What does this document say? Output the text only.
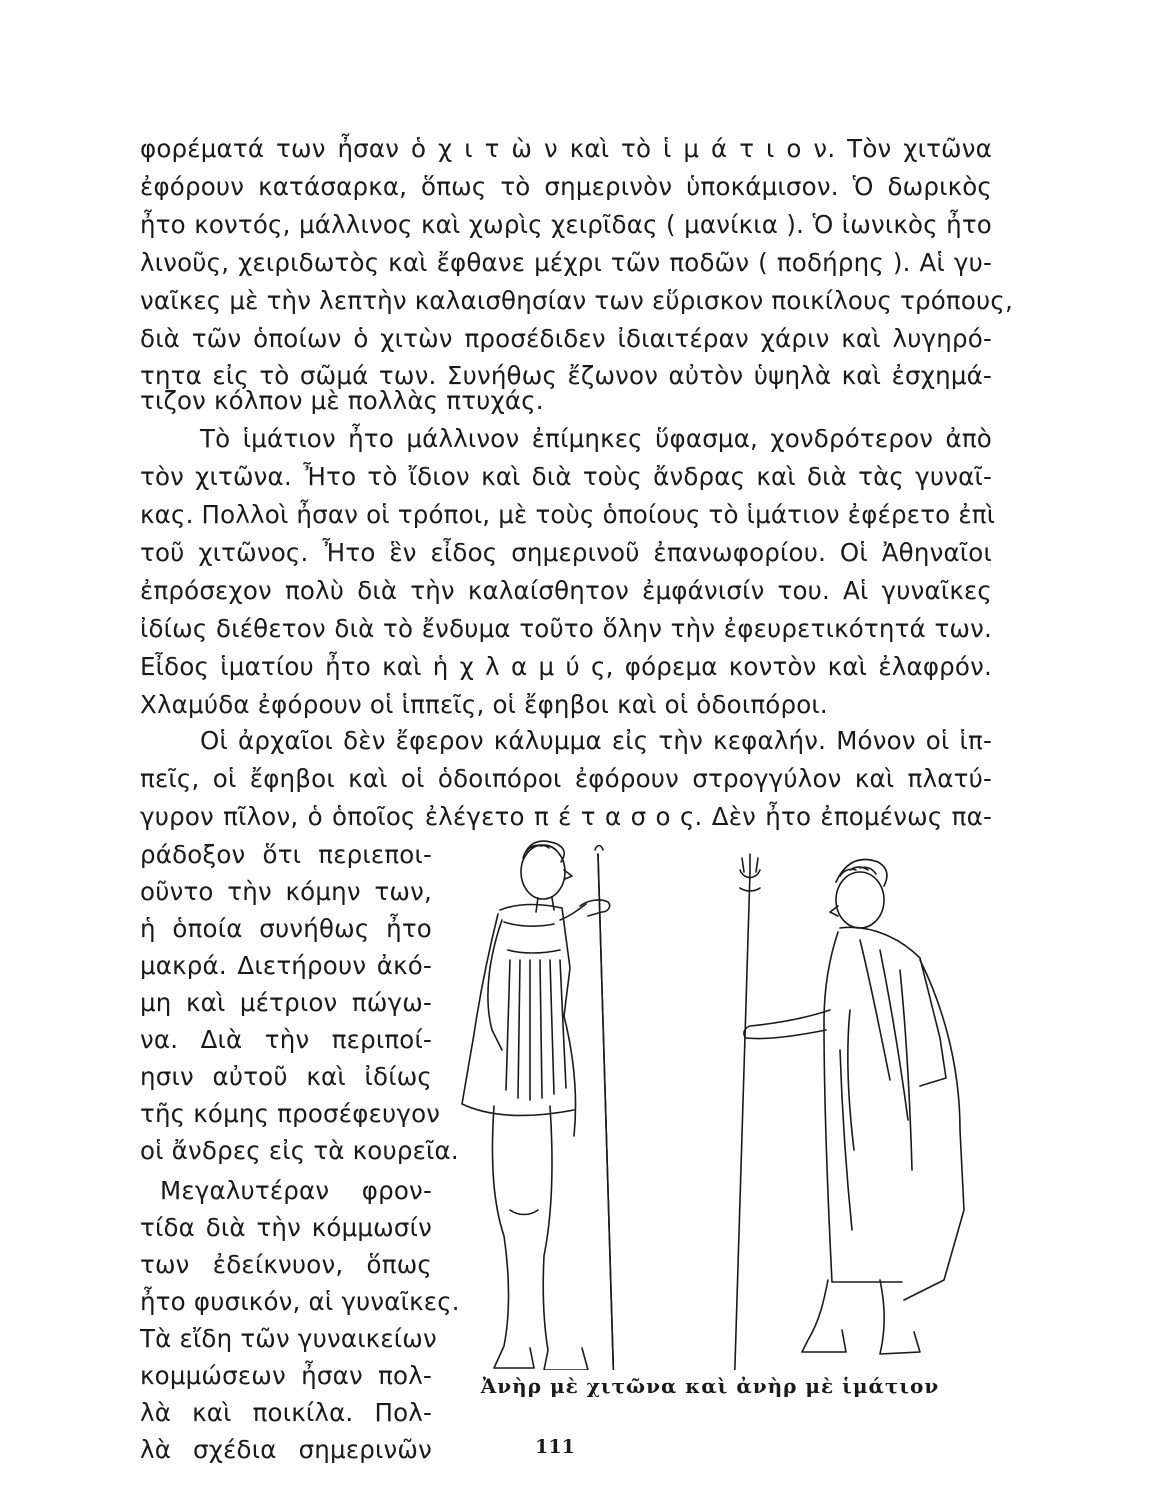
φορέματά των ἦσαν ὁ χ ι τ ὼ ν καὶ τὸ ἱ μ ά τ ι ο ν. Τὸν χιτῶνα
ἐφόρουν κατάσαρκα, ὅπως τὸ σημερινὸν ὑποκάμισον. Ὁ δωρικὸς
ἦτο κοντός, μάλλινος καὶ χωρὶς χειρῖδας ( μανίκια ). Ὁ ἰωνικὸς ἦτο
λινοῦς, χειριδωτὸς καὶ ἔφθανε μέχρι τῶν ποδῶν ( ποδήρης ). Αἱ γυ-
ναῖκες μὲ τὴν λεπτὴν καλαισθησίαν των εὕρισκον ποικίλους τρόπους,
διὰ τῶν ὁποίων ὁ χιτὼν προσέδιδεν ἰδιαιτέραν χάριν καὶ λυγηρό-
τητα εἰς τὸ σῶμά των. Συνήθως ἔζωνον αὐτὸν ὑψηλὰ καὶ ἐσχημά-
τιζον κόλπον μὲ πολλὰς πτυχάς.
Τὸ ἱμάτιον ἦτο μάλλινον ἐπίμηκες ὕφασμα, χονδρότερον ἀπὸ
τὸν χιτῶνα. Ἦτο τὸ ἴδιον καὶ διὰ τοὺς ἄνδρας καὶ διὰ τὰς γυναῖ-
κας. Πολλοὶ ἦσαν οἱ τρόποι, μὲ τοὺς ὁποίους τὸ ἱμάτιον ἐφέρετο ἐπὶ
τοῦ χιτῶνος. Ἦτο ἓν εἶδος σημερινοῦ ἐπανωφορίου. Οἱ Ἀθηναῖοι
ἐπρόσεχον πολὺ διὰ τὴν καλαίσθητον ἐμφάνισίν του. Αἱ γυναῖκες
ἰδίως διέθετον διὰ τὸ ἔνδυμα τοῦτο ὅλην τὴν ἐφευρετικότητά των.
Εἶδος ἱματίου ἦτο καὶ ἡ χ λ α μ ύ ς, φόρεμα κοντὸν καὶ ἐλαφρόν.
Χλαμύδα ἐφόρουν οἱ ἱππεῖς, οἱ ἔφηβοι καὶ οἱ ὁδοιπόροι.
Οἱ ἀρχαῖοι δὲν ἔφερον κάλυμμα εἰς τὴν κεφαλήν. Μόνον οἱ ἱπ-
πεῖς, οἱ ἔφηβοι καὶ οἱ ὁδοιπόροι ἐφόρουν στρογγύλον καὶ πλατύ-
γυρον πῖλον, ὁ ὁποῖος ἐλέγετο π έ τ α σ ο ς. Δὲν ἦτο ἐπομένως πα-
ράδοξον ὅτι περιεποι-
οῦντο τὴν κόμην των,
ἡ ὁποία συνήθως ἦτο
μακρά. Διετήρουν ἀκό-
μη καὶ μέτριον πώγω-
να. Διὰ τὴν περιποί-
ησιν αὐτοῦ καὶ ἰδίως
τῆς κόμης προσέφευγον
οἱ ἄνδρες εἰς τὰ κουρεῖα.
Μεγαλυτέραν φρον-
τίδα διὰ τὴν κόμμωσίν
των ἐδείκνυον, ὅπως
ἦτο φυσικόν, αἱ γυναῖκες.
Τὰ εἴδη τῶν γυναικείων
κομμώσεων ἦσαν πολ-
λὰ καὶ ποικίλα. Πολ-
λὰ σχέδια σημερινῶν
Ἀνὴρ μὲ χιτῶνα καὶ ἀνὴρ μὲ ἱμάτιον
111
